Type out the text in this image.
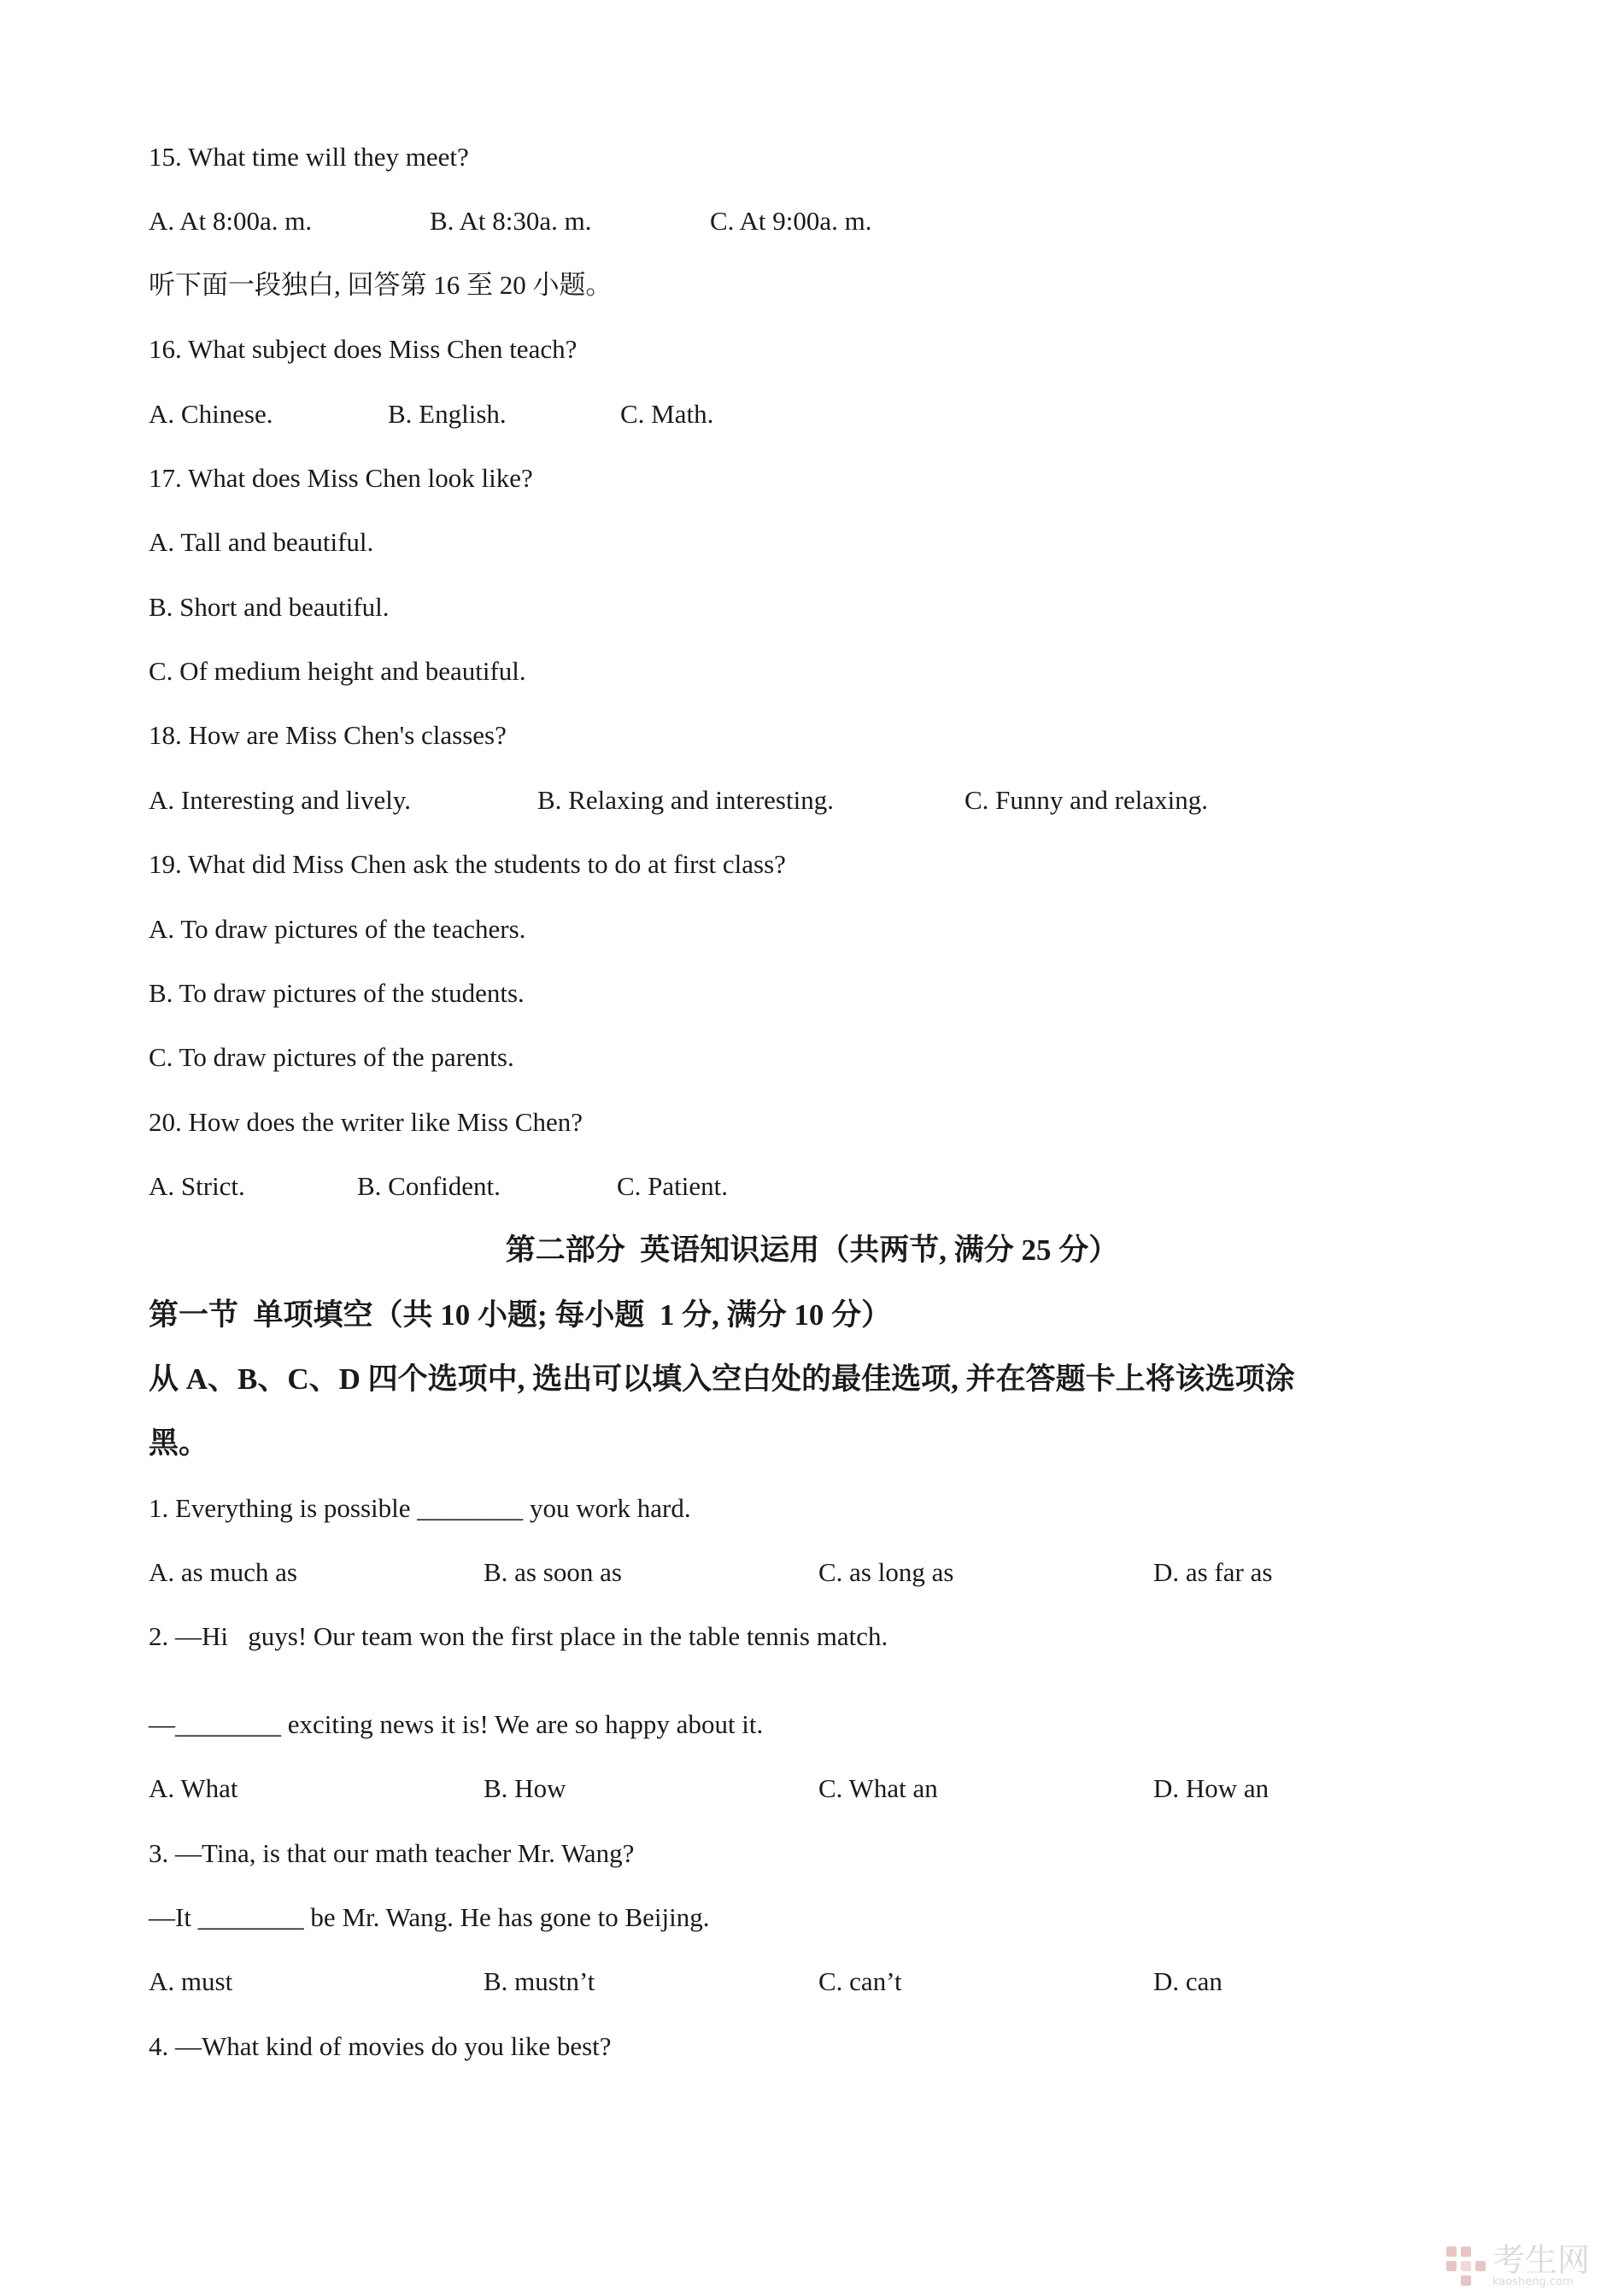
15. What time will they meet?
A. At 8:00a. m.	B. At 8:30a. m.	C. At 9:00a. m.
听下面一段独白, 回答第 16 至 20 小题。
16. What subject does Miss Chen teach?
A. Chinese.	B. English.	C. Math.
17. What does Miss Chen look like?
A. Tall and beautiful.
B. Short and beautiful.
C. Of medium height and beautiful.
18. How are Miss Chen's classes?
A. Interesting and lively.	B. Relaxing and interesting.	C. Funny and relaxing.
19. What did Miss Chen ask the students to do at first class?
A. To draw pictures of the teachers.
B. To draw pictures of the students.
C. To draw pictures of the parents.
20. How does the writer like Miss Chen?
A. Strict.	B. Confident.	C. Patient.
第二部分  英语知识运用（共两节, 满分 25 分）
第一节  单项填空（共 10 小题; 每小题  1 分, 满分 10 分）
从 A、B、C、D 四个选项中, 选出可以填入空白处的最佳选项, 并在答题卡上将该选项涂
黑。
1. Everything is possible ________ you work hard.
A. as much as	B. as soon as	C. as long as	D. as far as
2. —Hi   guys! Our team won the first place in the table tennis match.
—________ exciting news it is! We are so happy about it.
A. What	B. How	C. What an	D. How an
3. —Tina, is that our math teacher Mr. Wang?
—It ________ be Mr. Wang. He has gone to Beijing.
A. must	B. mustn’t	C. can’t	D. can
4. —What kind of movies do you like best?
考生网
kaosheng.com
